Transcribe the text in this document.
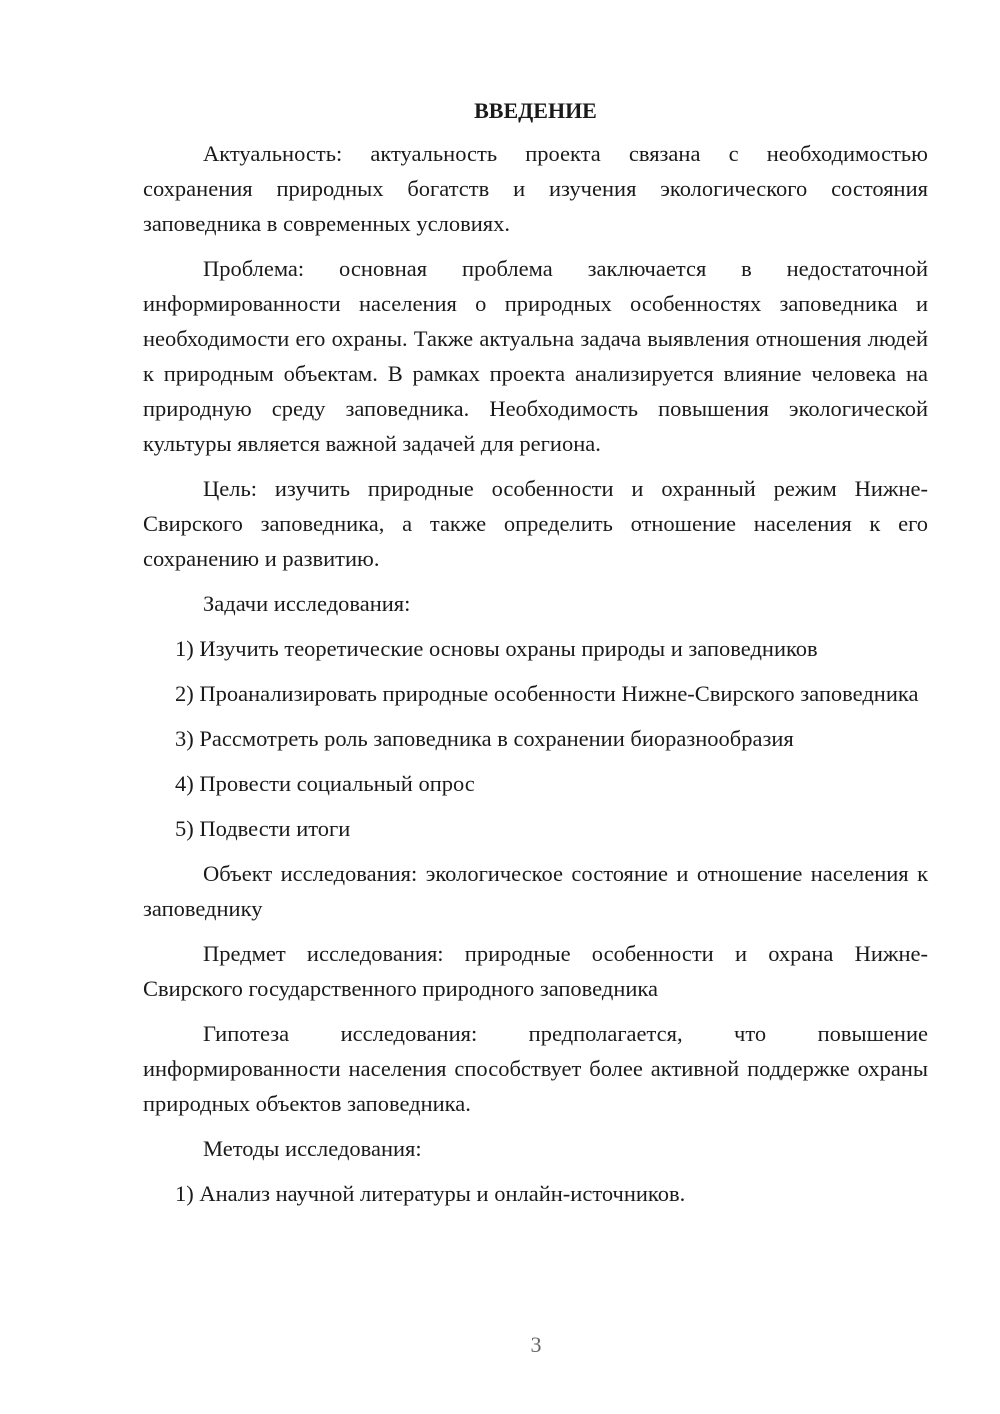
ВВЕДЕНИЕ

Актуальность: актуальность проекта связана с необходимостью сохранения природных богатств и изучения экологического состояния заповедника в современных условиях.

Проблема: основная проблема заключается в недостаточной информированности населения о природных особенностях заповедника и необходимости его охраны. Также актуальна задача выявления отношения людей к природным объектам. В рамках проекта анализируется влияние человека на природную среду заповедника. Необходимость повышения экологической культуры является важной задачей для региона.

Цель: изучить природные особенности и охранный режим Нижне-Свирского заповедника, а также определить отношение населения к его сохранению и развитию.

Задачи исследования:

1) Изучить теоретические основы охраны природы и заповедников

2) Проанализировать природные особенности Нижне-Свирского заповедника

3) Рассмотреть роль заповедника в сохранении биоразнообразия

4) Провести социальный опрос

5) Подвести итоги

Объект исследования: экологическое состояние и отношение населения к заповеднику

Предмет исследования: природные особенности и охрана Нижне-Свирского государственного природного заповедника

Гипотеза исследования: предполагается, что повышение информированности населения способствует более активной поддержке охраны природных объектов заповедника.

Методы исследования:

1) Анализ научной литературы и онлайн-источников.

3
